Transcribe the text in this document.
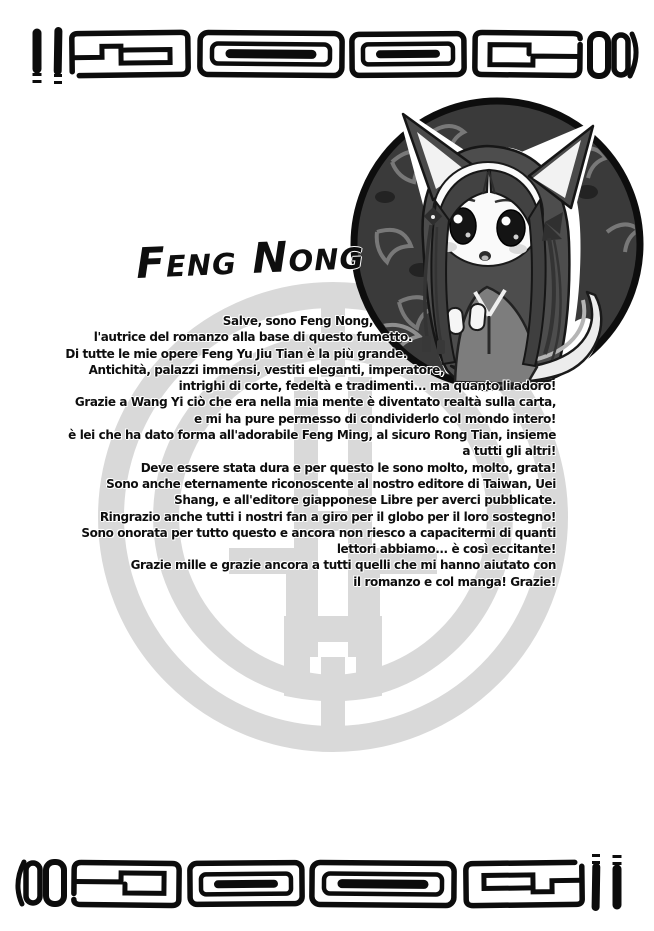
Feng Nong
Salve, sono Feng Nong,
l'autrice del romanzo alla base di questo fumetto.
Di tutte le mie opere Feng Yu Jiu Tian è la più grande.
Antichità, palazzi immensi, vestiti eleganti, imperatore,
intrighi di corte, fedeltà e tradimenti... ma quanto li adoro!
Grazie a Wang Yi ciò che era nella mia mente è diventato realtà sulla carta,
e mi ha pure permesso di condividerlo col mondo intero!
è lei che ha dato forma all'adorabile Feng Ming, al sicuro Rong Tian, insieme
a tutti gli altri!
Deve essere stata dura e per questo le sono molto, molto, grata!
Sono anche eternamente riconoscente al nostro editore di Taiwan, Uei
Shang, e all'editore giapponese Libre per averci pubblicate.
Ringrazio anche tutti i nostri fan a giro per il globo per il loro sostegno!
Sono onorata per tutto questo e ancora non riesco a capacitermi di quanti
lettori abbiamo... è così eccitante!
Grazie mille e grazie ancora a tutti quelli che mi hanno aiutato con
il romanzo e col manga! Grazie!
